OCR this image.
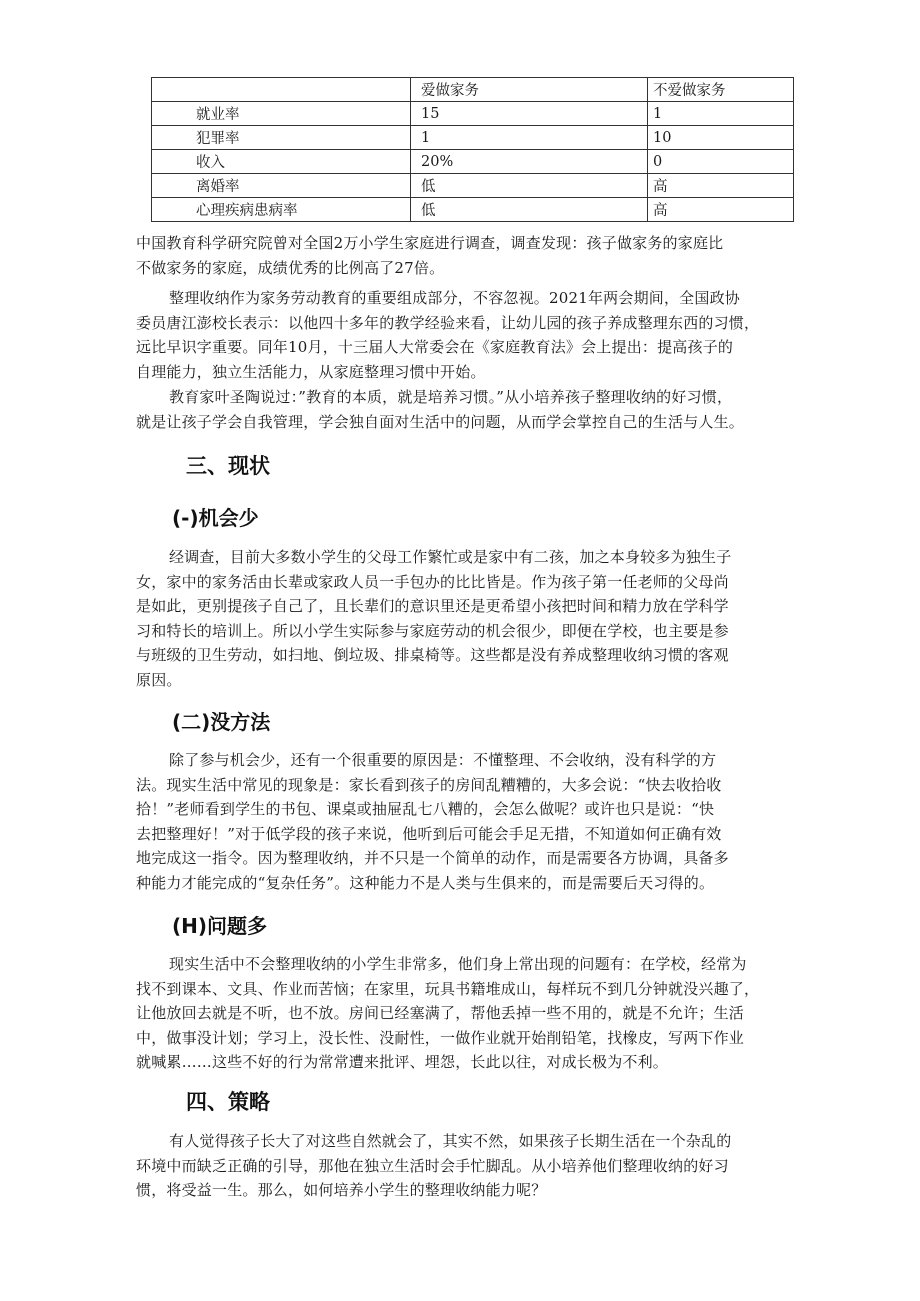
	爱做家务	不爱做家务
就业率	15	1
犯罪率	1	10
收入	20%	0
离婚率	低	高
心理疾病患病率	低	高

中国教育科学研究院曾对全国2万小学生家庭进行调查，调查发现：孩子做家务的家庭比
不做家务的家庭，成绩优秀的比例高了27倍。

整理收纳作为家务劳动教育的重要组成部分，不容忽视。2021年两会期间，全国政协
委员唐江澎校长表示：以他四十多年的教学经验来看，让幼儿园的孩子养成整理东西的习惯，
远比早识字重要。同年10月，十三届人大常委会在《家庭教育法》会上提出：提高孩子的
自理能力，独立生活能力，从家庭整理习惯中开始。

教育家叶圣陶说过：”教育的本质，就是培养习惯。”从小培养孩子整理收纳的好习惯，
就是让孩子学会自我管理，学会独自面对生活中的问题，从而学会掌控自己的生活与人生。

三、现状
(-)机会少

经调查，目前大多数小学生的父母工作繁忙或是家中有二孩，加之本身较多为独生子
女，家中的家务活由长辈或家政人员一手包办的比比皆是。作为孩子第一任老师的父母尚
是如此，更别提孩子自己了，且长辈们的意识里还是更希望小孩把时间和精力放在学科学
习和特长的培训上。所以小学生实际参与家庭劳动的机会很少，即便在学校，也主要是参
与班级的卫生劳动，如扫地、倒垃圾、排桌椅等。这些都是没有养成整理收纳习惯的客观
原因。

(二)没方法

除了参与机会少，还有一个很重要的原因是：不懂整理、不会收纳，没有科学的方
法。现实生活中常见的现象是：家长看到孩子的房间乱糟糟的，大多会说：“快去收拾收
拾！”老师看到学生的书包、课桌或抽屉乱七八糟的，会怎么做呢？或许也只是说：“快
去把整理好！”对于低学段的孩子来说，他听到后可能会手足无措，不知道如何正确有效
地完成这一指令。因为整理收纳，并不只是一个简单的动作，而是需要各方协调，具备多
种能力才能完成的“复杂任务”。这种能力不是人类与生俱来的，而是需要后天习得的。

(H)问题多

现实生活中不会整理收纳的小学生非常多，他们身上常出现的问题有：在学校，经常为
找不到课本、文具、作业而苦恼；在家里，玩具书籍堆成山，每样玩不到几分钟就没兴趣了，
让他放回去就是不听，也不放。房间已经塞满了，帮他丢掉一些不用的，就是不允许；生活
中，做事没计划；学习上，没长性、没耐性，一做作业就开始削铅笔，找橡皮，写两下作业
就喊累……这些不好的行为常常遭来批评、埋怨，长此以往，对成长极为不利。

四、策略

有人觉得孩子长大了对这些自然就会了，其实不然，如果孩子长期生活在一个杂乱的
环境中而缺乏正确的引导，那他在独立生活时会手忙脚乱。从小培养他们整理收纳的好习
惯，将受益一生。那么，如何培养小学生的整理收纳能力呢？
